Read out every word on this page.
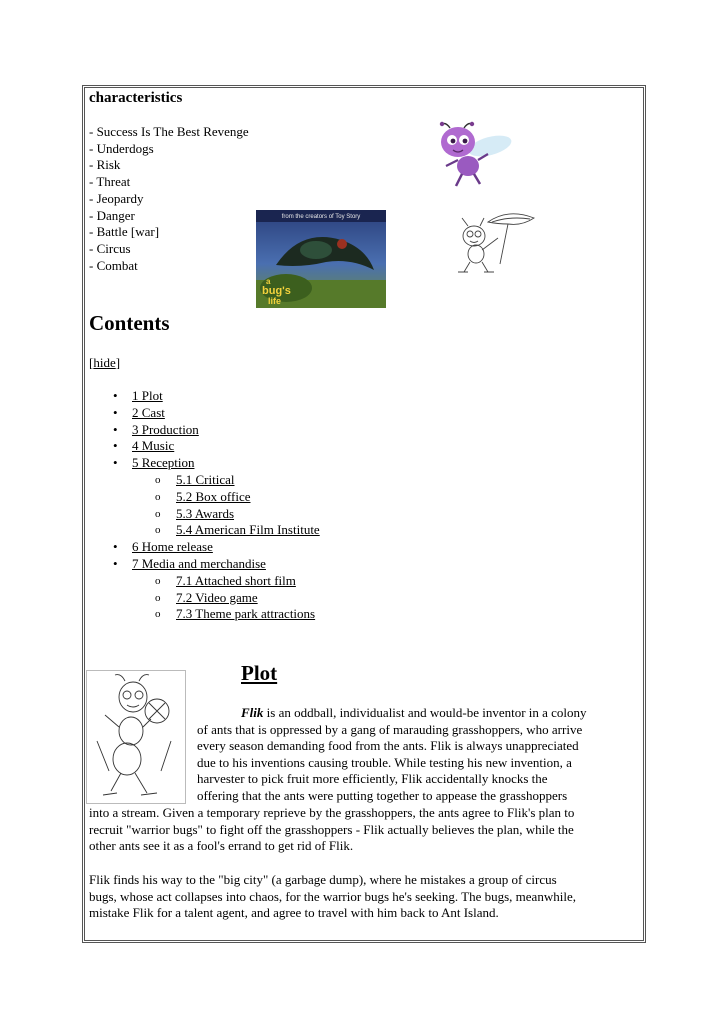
characteristics
- Success Is The Best Revenge
- Underdogs
- Risk
- Threat
- Jeopardy
- Danger
- Battle [war]
- Circus
- Combat
from the creators of Toy Story
a
bug's
life
Contents
[hide]
• 1 Plot
• 2 Cast
• 3 Production
• 4 Music
• 5 Reception
o 5.1 Critical
o 5.2 Box office
o 5.3 Awards
o 5.4 American Film Institute
• 6 Home release
• 7 Media and merchandise
o 7.1 Attached short film
o 7.2 Video game
o 7.3 Theme park attractions
Plot
Flik is an oddball, individualist and would-be inventor in a colony
of ants that is oppressed by a gang of marauding grasshoppers, who arrive
every season demanding food from the ants. Flik is always unappreciated
due to his inventions causing trouble. While testing his new invention, a
harvester to pick fruit more efficiently, Flik accidentally knocks the
offering that the ants were putting together to appease the grasshoppers
into a stream. Given a temporary reprieve by the grasshoppers, the ants agree to Flik's plan to
recruit "warrior bugs" to fight off the grasshoppers - Flik actually believes the plan, while the
other ants see it as a fool's errand to get rid of Flik.
Flik finds his way to the "big city" (a garbage dump), where he mistakes a group of circus
bugs, whose act collapses into chaos, for the warrior bugs he's seeking. The bugs, meanwhile,
mistake Flik for a talent agent, and agree to travel with him back to Ant Island.
